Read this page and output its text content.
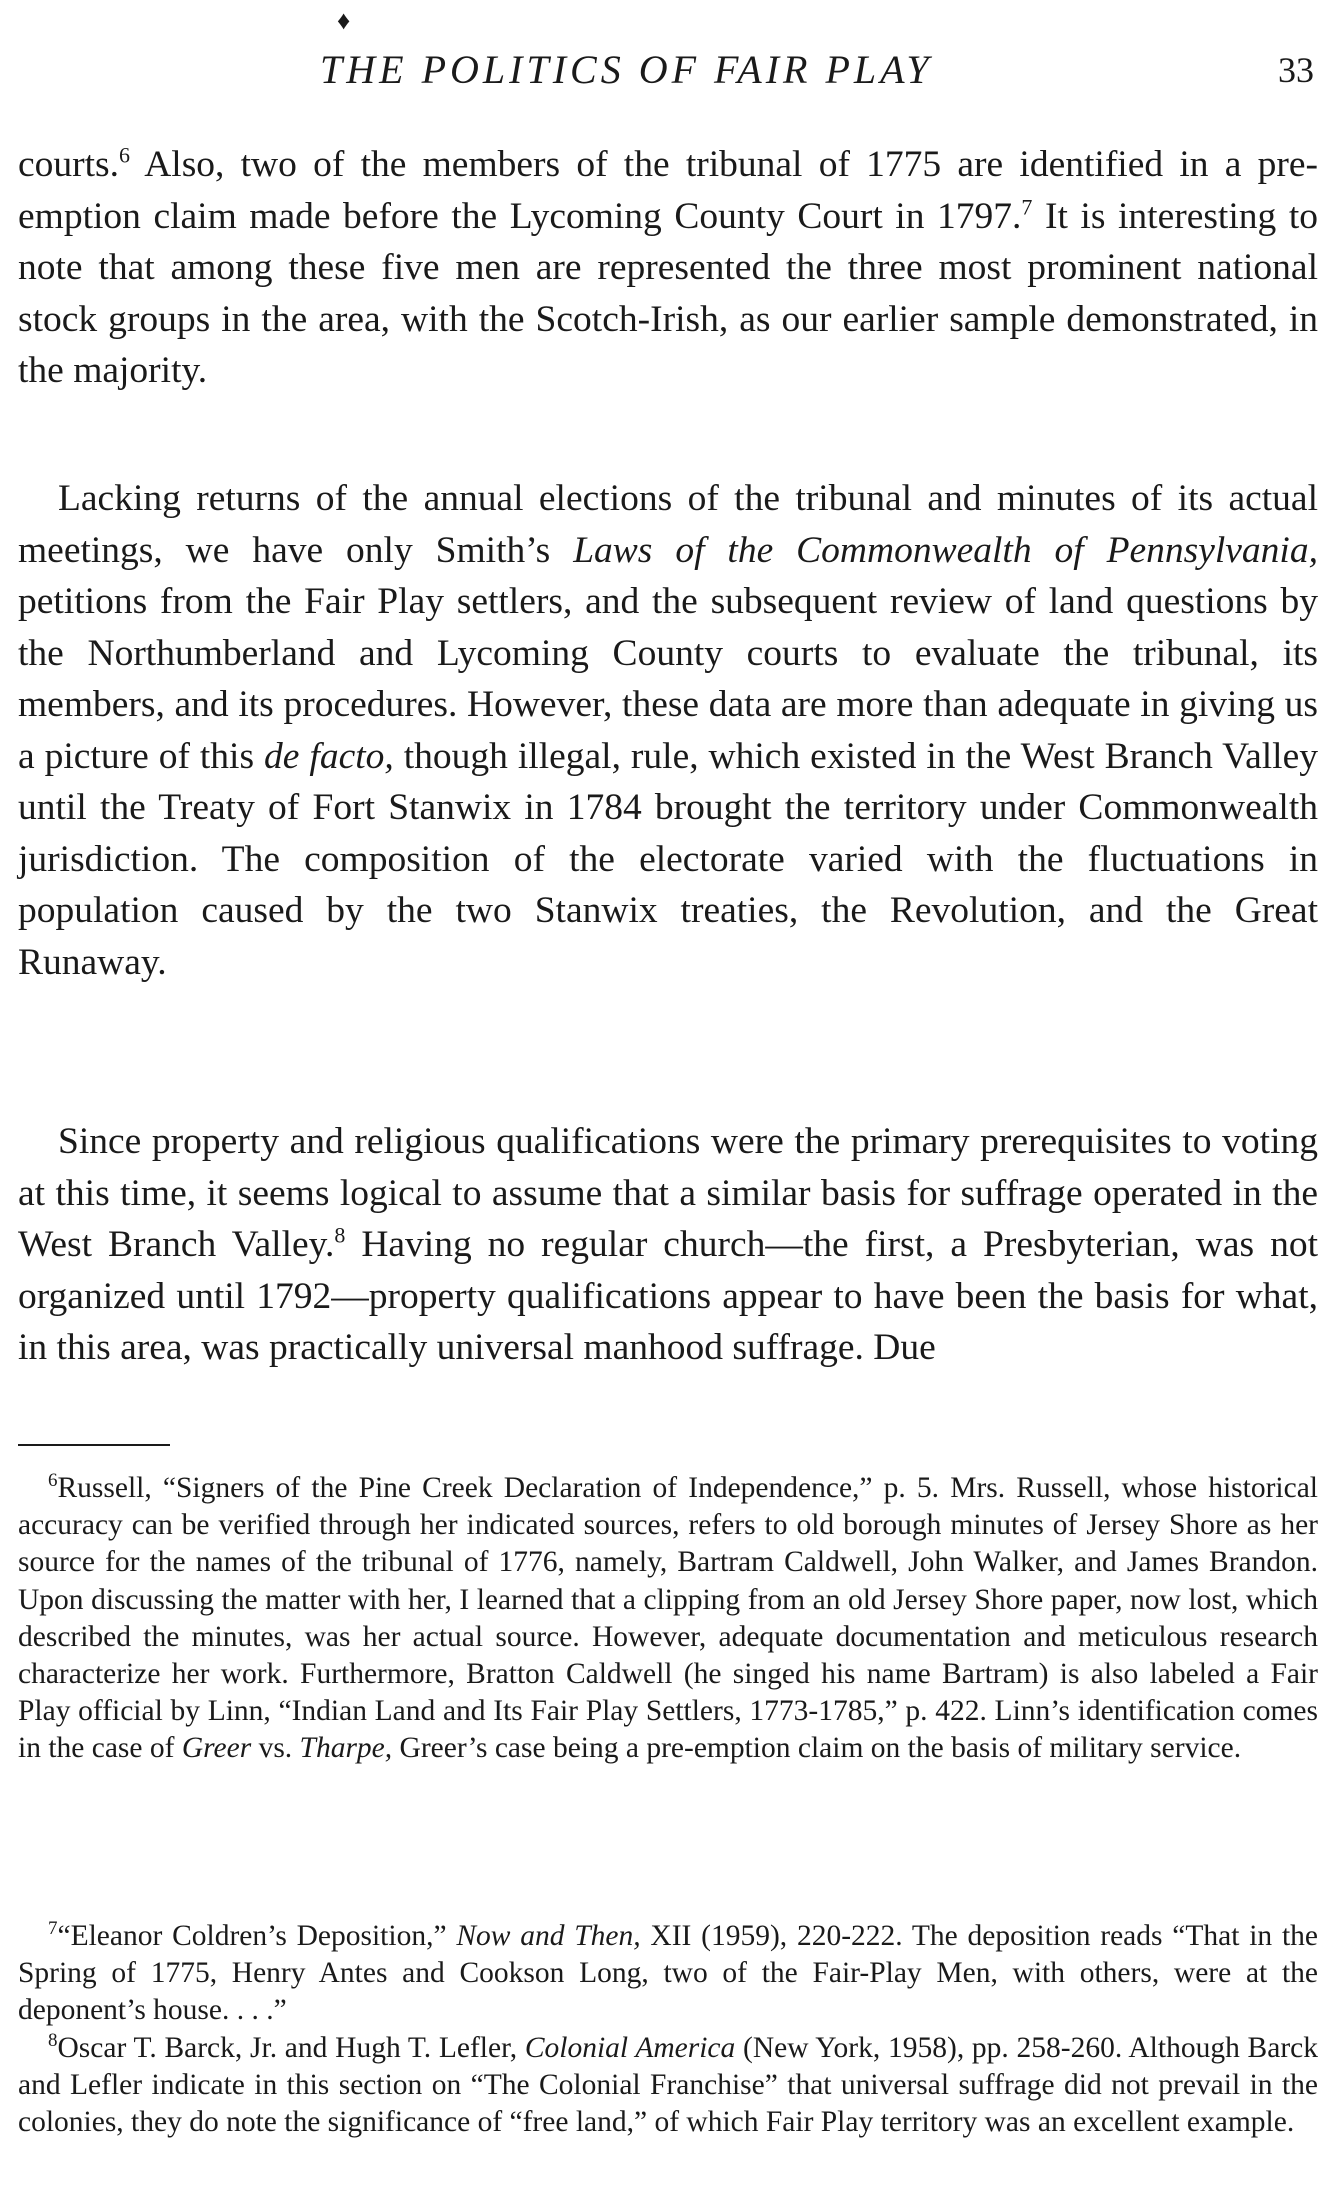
♦
THE POLITICS OF FAIR PLAY	33

courts.$^6$ Also, two of the members of the tribunal of 1775 are identified in a pre-emption claim made before the Lycoming County Court in 1797.$^7$ It is interesting to note that among these five men are represented the three most prominent national stock groups in the area, with the Scotch-Irish, as our earlier sample demonstrated, in the majority.

Lacking returns of the annual elections of the tribunal and minutes of its actual meetings, we have only Smith’s Laws of the Commonwealth of Pennsylvania, petitions from the Fair Play settlers, and the subsequent review of land questions by the Northumberland and Lycoming County courts to evaluate the tribunal, its members, and its procedures. However, these data are more than adequate in giving us a picture of this de facto, though illegal, rule, which existed in the West Branch Valley until the Treaty of Fort Stanwix in 1784 brought the territory under Commonwealth jurisdiction. The composition of the electorate varied with the fluctuations in population caused by the two Stanwix treaties, the Revolution, and the Great Runaway.

Since property and religious qualifications were the primary prerequisites to voting at this time, it seems logical to assume that a similar basis for suffrage operated in the West Branch Valley.$^8$ Having no regular church—the first, a Presbyterian, was not organized until 1792—property qualifications appear to have been the basis for what, in this area, was practically universal manhood suffrage. Due

$^6$Russell, “Signers of the Pine Creek Declaration of Independence,” p. 5. Mrs. Russell, whose historical accuracy can be verified through her indicated sources, refers to old borough minutes of Jersey Shore as her source for the names of the tribunal of 1776, namely, Bartram Caldwell, John Walker, and James Brandon. Upon discussing the matter with her, I learned that a clipping from an old Jersey Shore paper, now lost, which described the minutes, was her actual source. However, adequate documentation and meticulous research characterize her work. Furthermore, Bratton Caldwell (he singed his name Bartram) is also labeled a Fair Play official by Linn, “Indian Land and Its Fair Play Settlers, 1773-1785,” p. 422. Linn’s identification comes in the case of Greer vs. Tharpe, Greer’s case being a pre-emption claim on the basis of military service.

$^7$“Eleanor Coldren’s Deposition,” Now and Then, XII (1959), 220-222. The deposition reads “That in the Spring of 1775, Henry Antes and Cookson Long, two of the Fair-Play Men, with others, were at the deponent’s house. . . .”

$^8$Oscar T. Barck, Jr. and Hugh T. Lefler, Colonial America (New York, 1958), pp. 258-260. Although Barck and Lefler indicate in this section on “The Colonial Franchise” that universal suffrage did not prevail in the colonies, they do note the significance of “free land,” of which Fair Play territory was an excellent example.
